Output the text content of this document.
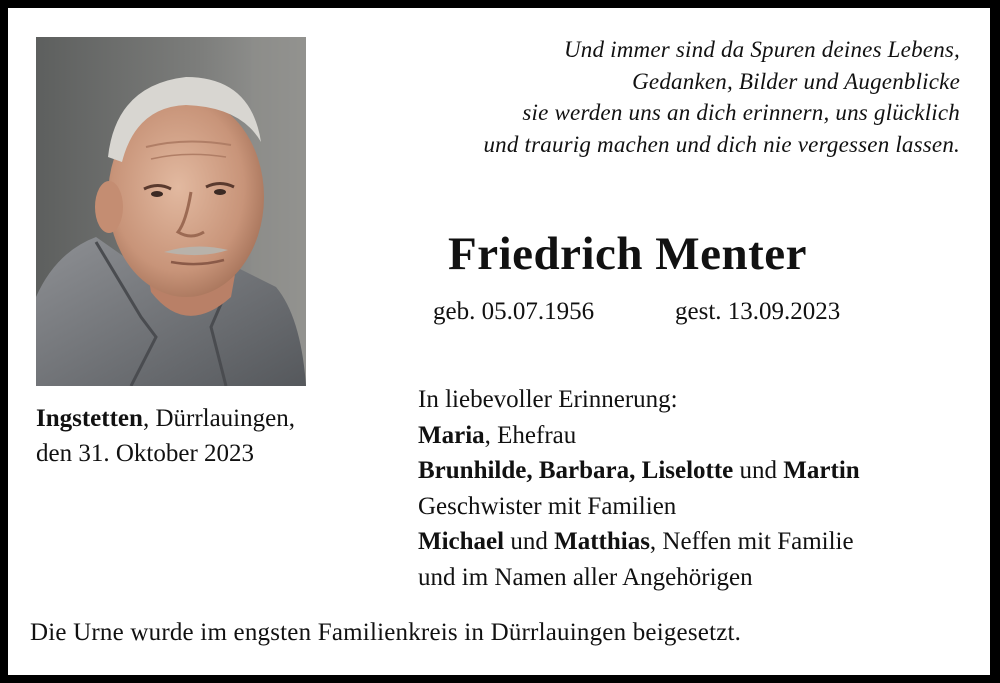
Und immer sind da Spuren deines Lebens,
Gedanken, Bilder und Augenblicke
sie werden uns an dich erinnern, uns glücklich
und traurig machen und dich nie vergessen lassen.
Friedrich Menter
geb. 05.07.1956	gest. 13.09.2023
Ingstetten, Dürrlauingen,
den 31. Oktober 2023
In liebevoller Erinnerung:
Maria, Ehefrau
Brunhilde, Barbara, Liselotte und Martin
Geschwister mit Familien
Michael und Matthias, Neffen mit Familie
und im Namen aller Angehörigen
Die Urne wurde im engsten Familienkreis in Dürrlauingen beigesetzt.
